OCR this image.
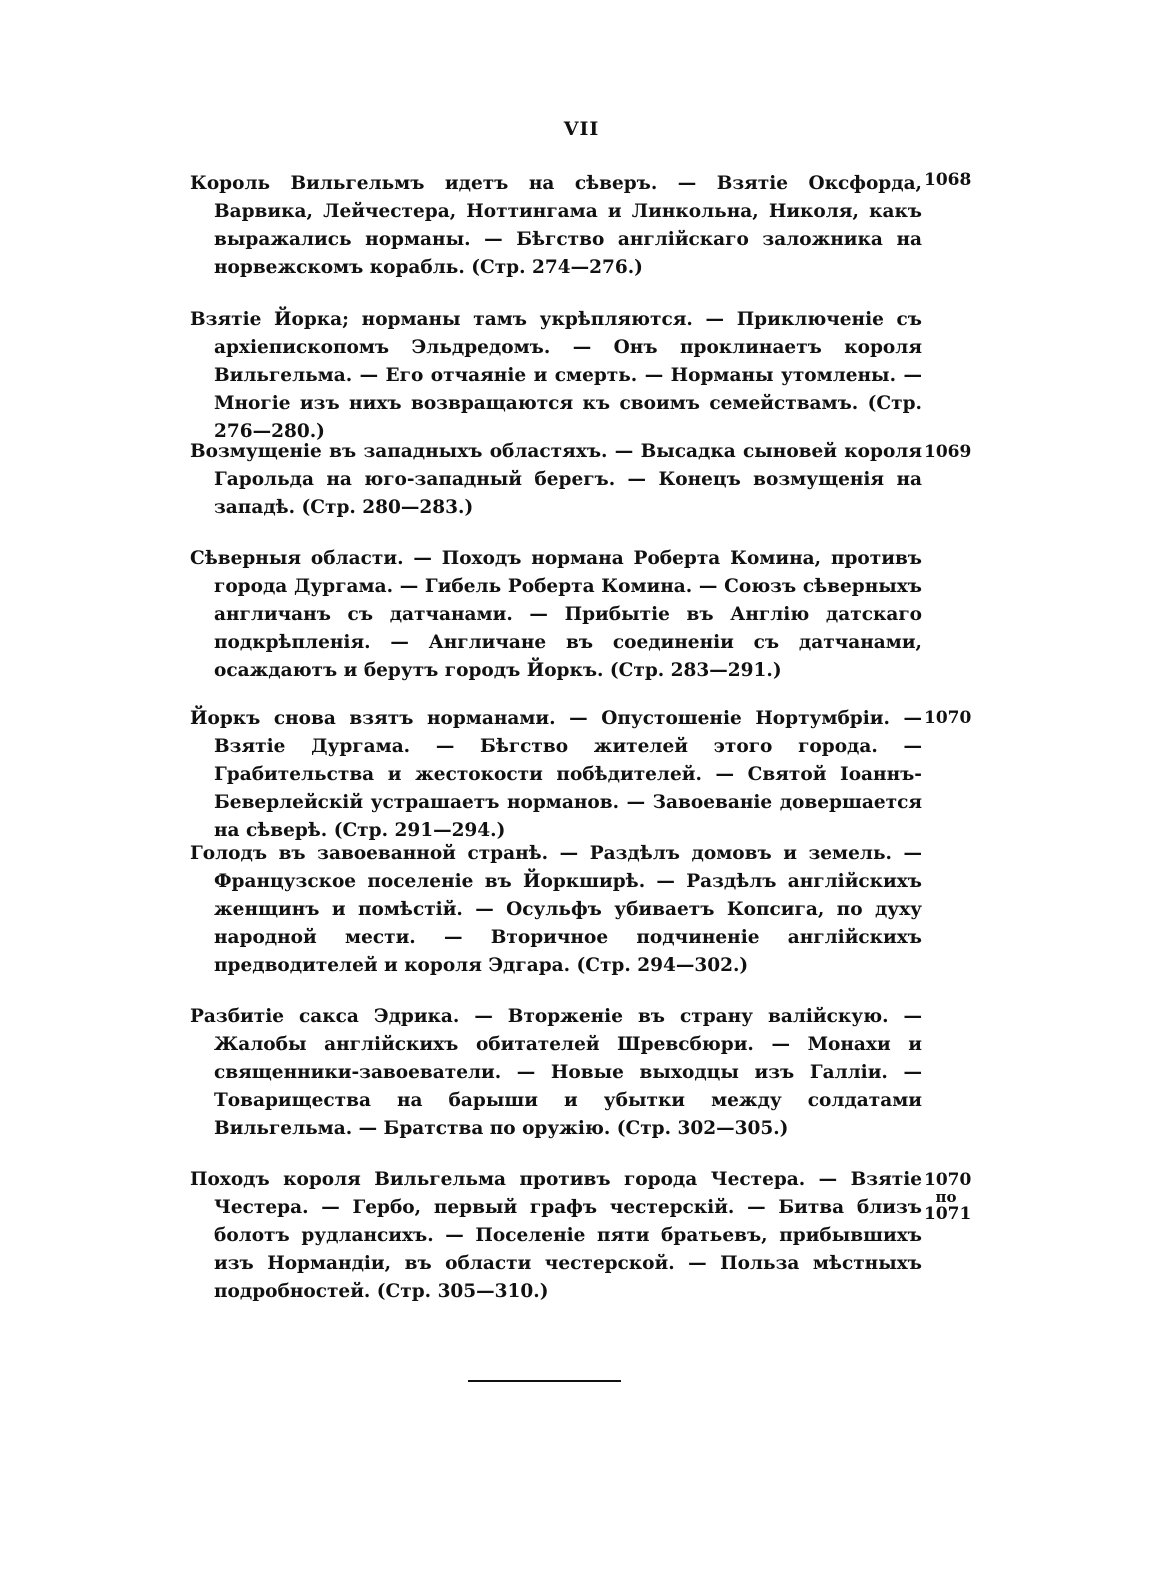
VII

Король Вильгельмъ идетъ на сѣверъ. — Взятіе Оксфорда, Варвика, Лейчестера, Ноттингама и Линкольна, Николя, какъ выражались норманы. — Бѣгство англійскаго заложника на норвежскомъ корабль. (Стр. 274—276.)

1068

Взятіе Йорка; норманы тамъ укрѣпляются. — Приключеніе съ архіепископомъ Эльдредомъ. — Онъ проклинаетъ короля Вильгельма. — Его отчаяніе и смерть. — Норманы утомлены. — Многіе изъ нихъ возвращаются къ своимъ семействамъ. (Стр. 276—280.)

Возмущеніе въ западныхъ областяхъ. — Высадка сыновей короля Гарольда на юго-западный берегъ. — Конецъ возмущенія на западѣ. (Стр. 280—283.)

1069

Сѣверныя области. — Походъ нормана Роберта Комина, противъ города Дургама. — Гибель Роберта Комина. — Союзъ сѣверныхъ англичанъ съ датчанами. — Прибытіе въ Англію датскаго подкрѣпленія. — Англичане въ соединеніи съ датчанами, осаждаютъ и берутъ городъ Йоркъ. (Стр. 283—291.)

Йоркъ снова взятъ норманами. — Опустошеніе Нортумбріи. — Взятіе Дургама. — Бѣгство жителей этого города. — Грабительства и жестокости побѣдителей. — Святой Іоаннъ-Беверлейскій устрашаетъ норманов. — Завоеваніе довершается на сѣверѣ. (Стр. 291—294.)

1070

Голодъ въ завоеванной странѣ. — Раздѣлъ домовъ и земель. — Французское поселеніе въ Йоркширѣ. — Раздѣлъ англійскихъ женщинъ и помѣстій. — Осульфъ убиваетъ Копсига, по духу народной мести. — Вторичное подчиненіе англійскихъ предводителей и короля Эдгара. (Стр. 294—302.)

Разбитіе сакса Эдрика. — Вторженіе въ страну валійскую. — Жалобы англійскихъ обитателей Шревсбюри. — Монахи и священники-завоеватели. — Новые выходцы изъ Галліи. — Товарищества на барыши и убытки между солдатами Вильгельма. — Братства по оружію. (Стр. 302—305.)

Походъ короля Вильгельма противъ города Честера. — Взятіе Честера. — Гербо, первый графъ честерскій. — Битва близъ болотъ рудлансихъ. — Поселеніе пяти братьевъ, прибывшихъ изъ Нормандіи, въ области честерской. — Польза мѣстныхъ подробностей. (Стр. 305—310.)

1070
по
1071
